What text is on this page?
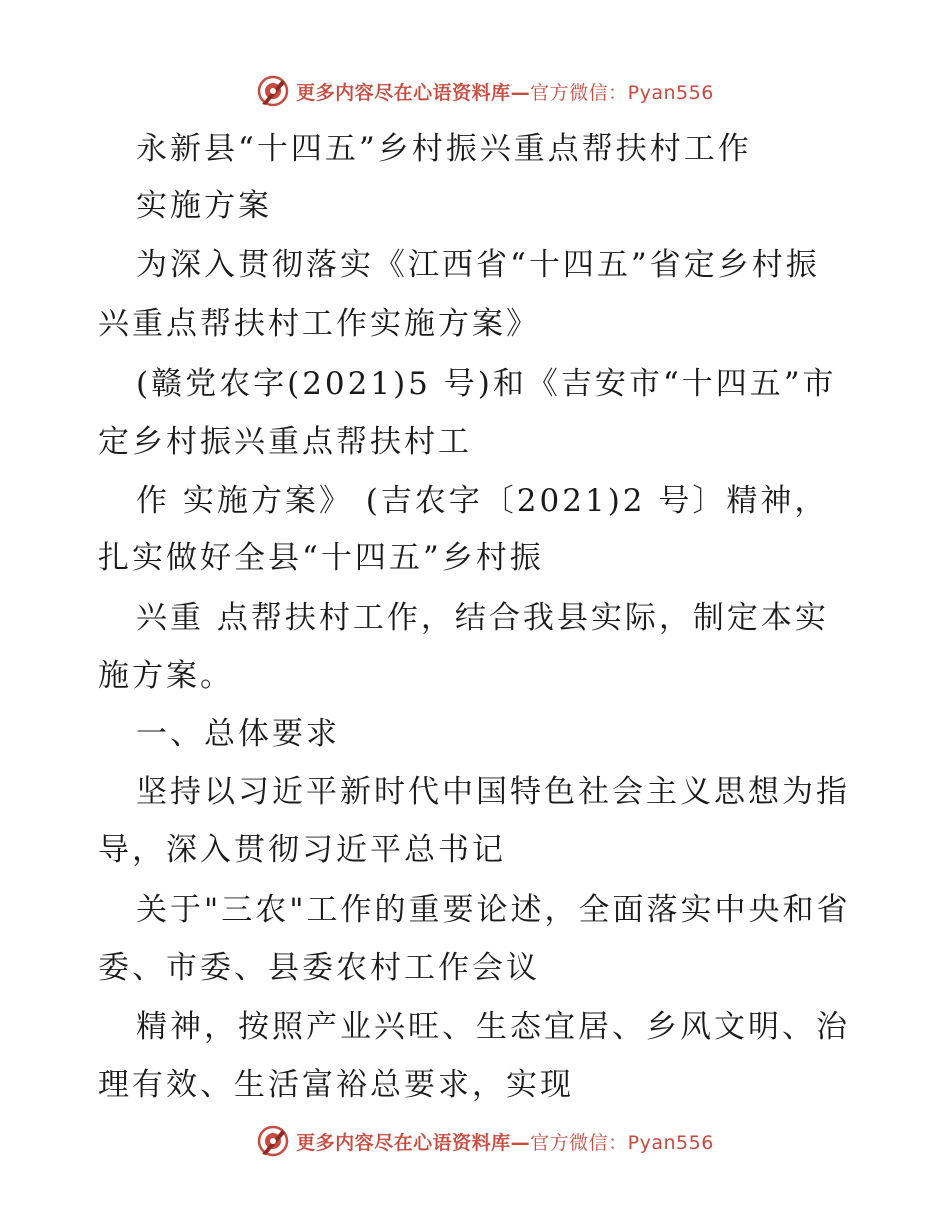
更多内容尽在心语资料库—官方微信：Pyan556
永新县“十四五”乡村振兴重点帮扶村工作
实施方案
为深入贯彻落实《江西省“十四五”省定乡村振
兴重点帮扶村工作实施方案》
(赣党农字(2021)5 号)和《吉安市“十四五”市
定乡村振兴重点帮扶村工
作 实施方案》 (吉农字〔2021)2 号〕精神，
扎实做好全县“十四五”乡村振
兴重 点帮扶村工作，结合我县实际，制定本实
施方案。
一、总体要求
坚持以习近平新时代中国特色社会主义思想为指
导，深入贯彻习近平总书记
关于"三农"工作的重要论述，全面落实中央和省
委、市委、县委农村工作会议
精神，按照产业兴旺、生态宜居、乡风文明、治
理有效、生活富裕总要求，实现
更多内容尽在心语资料库—官方微信：Pyan556
